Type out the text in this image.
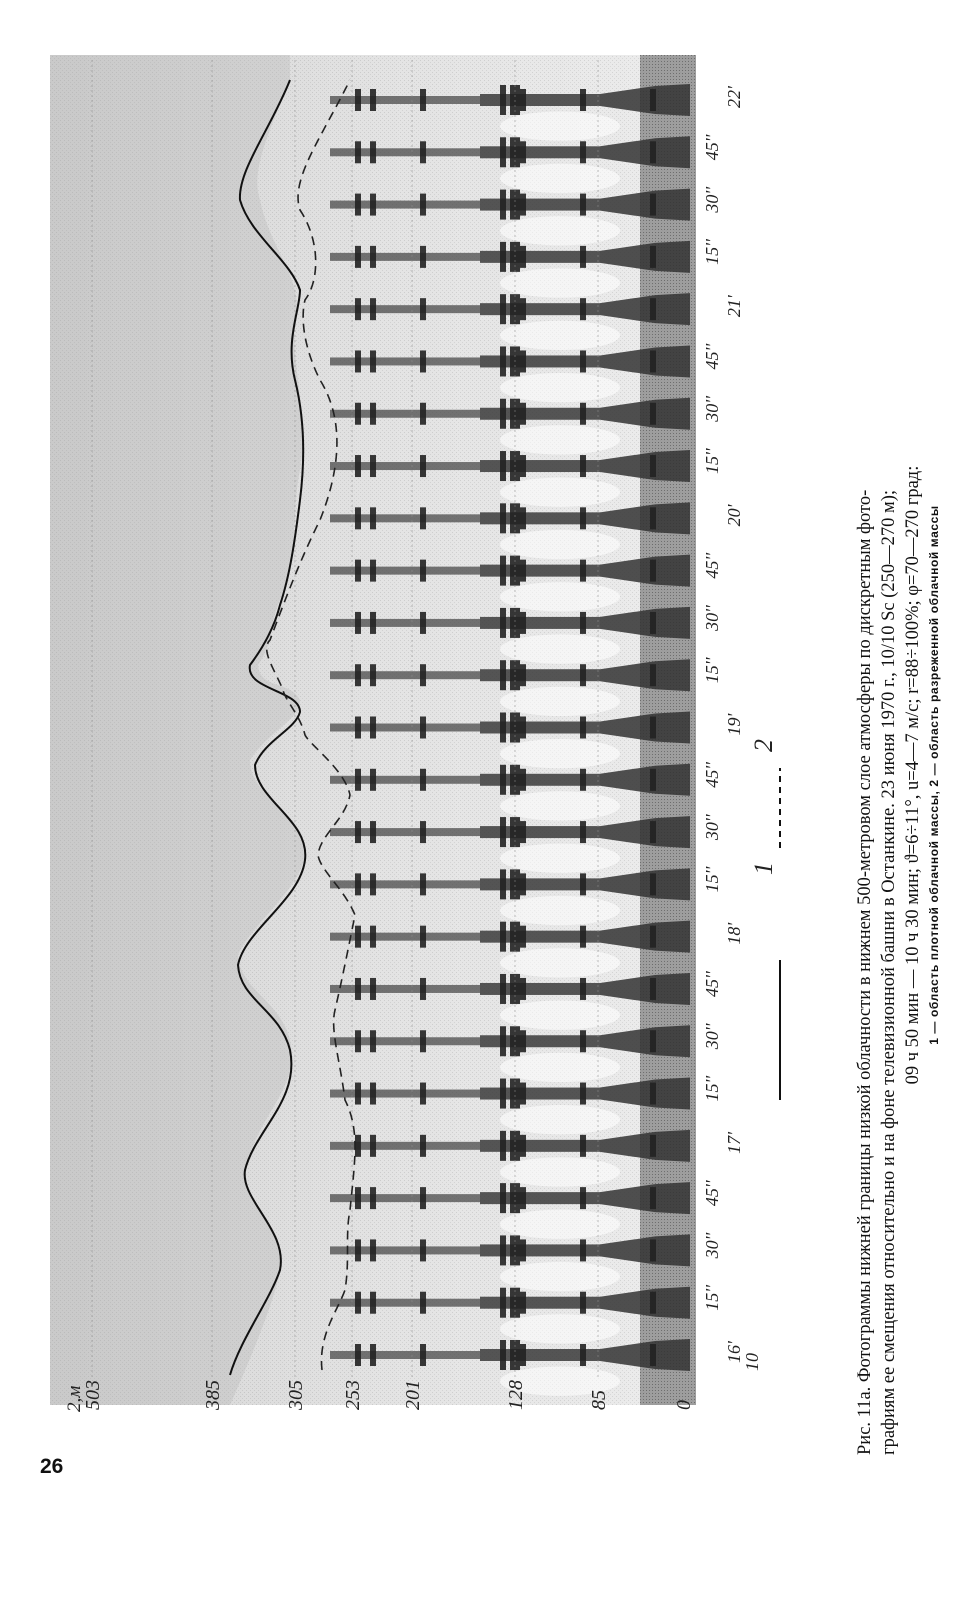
26
0
85
128
201
253
305
385
503
2,м
16'
10
15''
30''
45''
17'
15''
30''
45''
18'
15''
30''
45''
19'
15''
30''
45''
20'
15''
30''
45''
21'
15''
30''
45''
22'
1
2	Рис. 11а. Фотограммы нижней границы низкой облачности в нижнем 500-метровом слое атмосферы по дискретным фото- графиям ее смещения относительно и на фоне телевизионной башни в Останкине. 23 июня 1970 г., 10/10 Sc (250—270 м); 09 ч 50 мин — 10 ч 30 мин; ϑ=6÷11°, u=4—7 м/с; r=88÷100%; φ=70—270 град: 1 — область плотной облачной массы, 2 — область разреженной облачной массы
